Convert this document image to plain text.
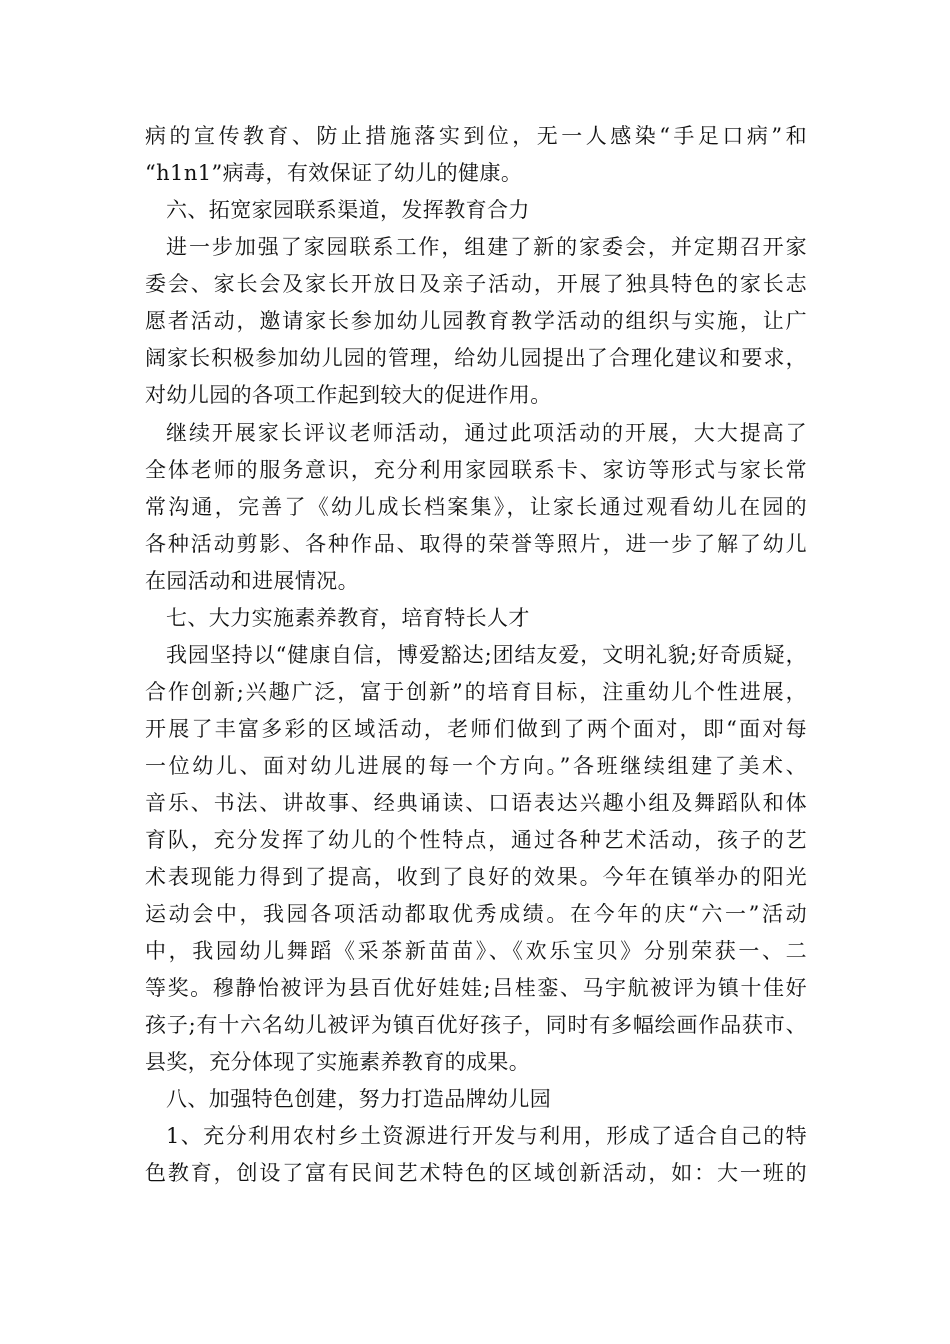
病的宣传教育、防止措施落实到位，无一人感染“手足口病”和
“h1n1”病毒，有效保证了幼儿的健康。
六、拓宽家园联系渠道，发挥教育合力
进一步加强了家园联系工作，组建了新的家委会，并定期召开家
委会、家长会及家长开放日及亲子活动，开展了独具特色的家长志
愿者活动，邀请家长参加幼儿园教育教学活动的组织与实施，让广
阔家长积极参加幼儿园的管理，给幼儿园提出了合理化建议和要求，
对幼儿园的各项工作起到较大的促进作用。
继续开展家长评议老师活动，通过此项活动的开展，大大提高了
全体老师的服务意识，充分利用家园联系卡、家访等形式与家长常
常沟通，完善了《幼儿成长档案集》，让家长通过观看幼儿在园的
各种活动剪影、各种作品、取得的荣誉等照片，进一步了解了幼儿
在园活动和进展情况。
七、大力实施素养教育，培育特长人才
我园坚持以“健康自信，博爱豁达;团结友爱，文明礼貌;好奇质疑，
合作创新;兴趣广泛，富于创新”的培育目标，注重幼儿个性进展，
开展了丰富多彩的区域活动，老师们做到了两个面对，即“面对每
一位幼儿、面对幼儿进展的每一个方向。”各班继续组建了美术、
音乐、书法、讲故事、经典诵读、口语表达兴趣小组及舞蹈队和体
育队，充分发挥了幼儿的个性特点，通过各种艺术活动，孩子的艺
术表现能力得到了提高，收到了良好的效果。今年在镇举办的阳光
运动会中，我园各项活动都取优秀成绩。在今年的庆“六一”活动
中，我园幼儿舞蹈《采茶新苗苗》、《欢乐宝贝》分别荣获一、二
等奖。穆静怡被评为县百优好娃娃;吕桂銮、马宇航被评为镇十佳好
孩子;有十六名幼儿被评为镇百优好孩子，同时有多幅绘画作品获市、
县奖，充分体现了实施素养教育的成果。
八、加强特色创建，努力打造品牌幼儿园
1、充分利用农村乡土资源进行开发与利用，形成了适合自己的特
色教育，创设了富有民间艺术特色的区域创新活动，如：大一班的
